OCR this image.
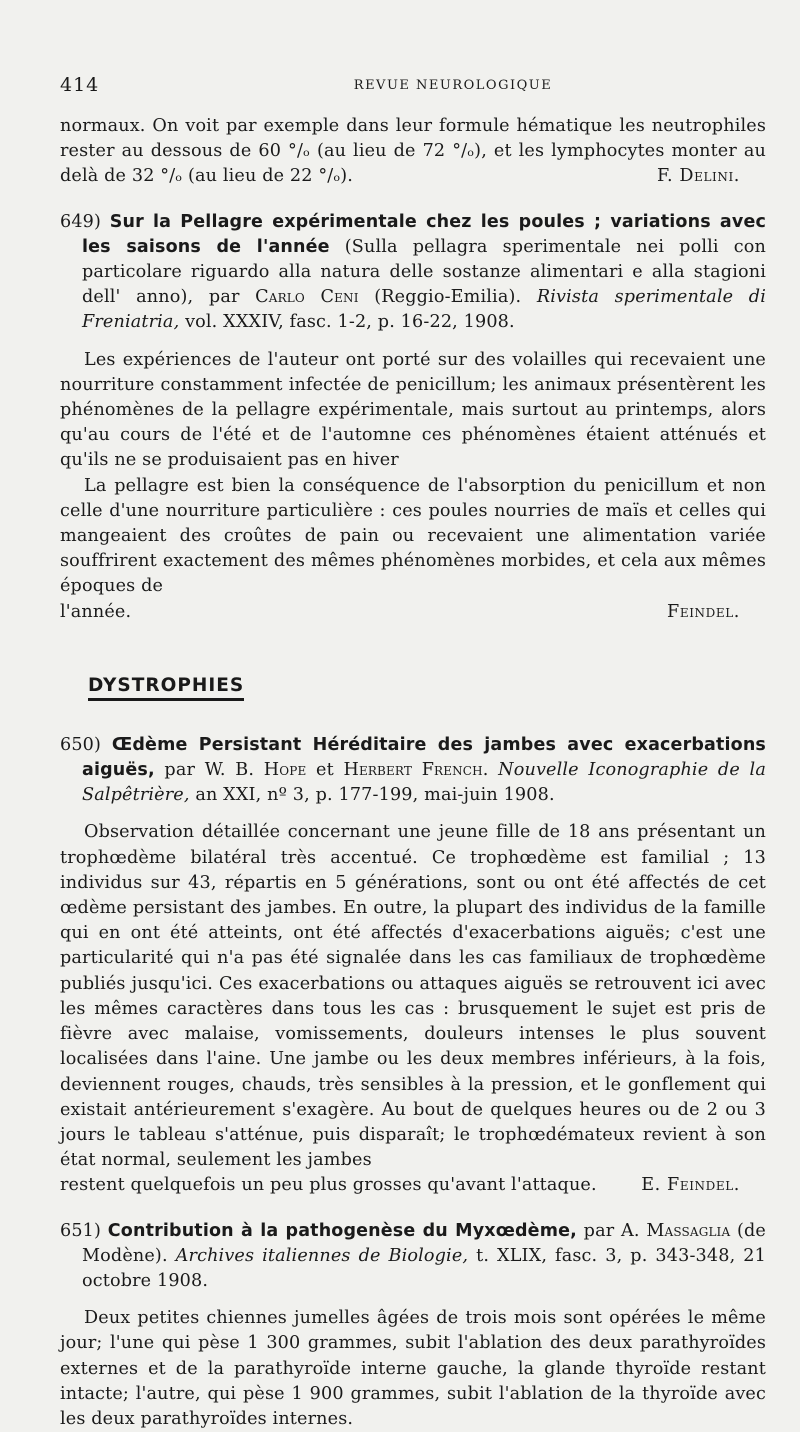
414	REVUE NEUROLOGIQUE

normaux. On voit par exemple dans leur formule hématique les neutrophiles rester au dessous de 60 °/ₒ (au lieu de 72 °/ₒ), et les lymphocytes monter au delà de 32 °/ₒ (au lieu de 22 °/ₒ).	F. Delini.

649) Sur la Pellagre expérimentale chez les poules ; variations avec les saisons de l'année (Sulla pellagra sperimentale nei polli con particolare riguardo alla natura delle sostanze alimentari e alla stagioni dell' anno), par Carlo Ceni (Reggio-Emilia). Rivista sperimentale di Freniatria, vol. XXXIV, fasc. 1-2, p. 16-22, 1908.

Les expériences de l'auteur ont porté sur des volailles qui recevaient une nourriture constamment infectée de penicillum; les animaux présentèrent les phénomènes de la pellagre expérimentale, mais surtout au printemps, alors qu'au cours de l'été et de l'automne ces phénomènes étaient atténués et qu'ils ne se produisaient pas en hiver

La pellagre est bien la conséquence de l'absorption du penicillum et non celle d'une nourriture particulière : ces poules nourries de maïs et celles qui mangeaient des croûtes de pain ou recevaient une alimentation variée souffrirent exactement des mêmes phénomènes morbides, et cela aux mêmes époques de

l'année.	Feindel.

DYSTROPHIES

650) Œdème Persistant Héréditaire des jambes avec exacerbations aiguës, par W. B. Hope et Herbert French. Nouvelle Iconographie de la Salpêtrière, an XXI, nº 3, p. 177-199, mai-juin 1908.

Observation détaillée concernant une jeune fille de 18 ans présentant un trophœdème bilatéral très accentué. Ce trophœdème est familial ; 13 individus sur 43, répartis en 5 générations, sont ou ont été affectés de cet œdème persistant des jambes. En outre, la plupart des individus de la famille qui en ont été atteints, ont été affectés d'exacerbations aiguës; c'est une particularité qui n'a pas été signalée dans les cas familiaux de trophœdème publiés jusqu'ici. Ces exacerbations ou attaques aiguës se retrouvent ici avec les mêmes caractères dans tous les cas : brusquement le sujet est pris de fièvre avec malaise, vomissements, douleurs intenses le plus souvent localisées dans l'aine. Une jambe ou les deux membres inférieurs, à la fois, deviennent rouges, chauds, très sensibles à la pression, et le gonflement qui existait antérieurement s'exagère. Au bout de quelques heures ou de 2 ou 3 jours le tableau s'atténue, puis disparaît; le trophœdémateux revient à son état normal, seulement les jambes

restent quelquefois un peu plus grosses qu'avant l'attaque.	E. Feindel.

651) Contribution à la pathogenèse du Myxœdème, par A. Massaglia (de Modène). Archives italiennes de Biologie, t. XLIX, fasc. 3, p. 343-348, 21 octobre 1908.

Deux petites chiennes jumelles âgées de trois mois sont opérées le même jour; l'une qui pèse 1 300 grammes, subit l'ablation des deux parathyroïdes externes et de la parathyroïde interne gauche, la glande thyroïde restant intacte; l'autre, qui pèse 1 900 grammes, subit l'ablation de la thyroïde avec les deux parathyroïdes internes.
